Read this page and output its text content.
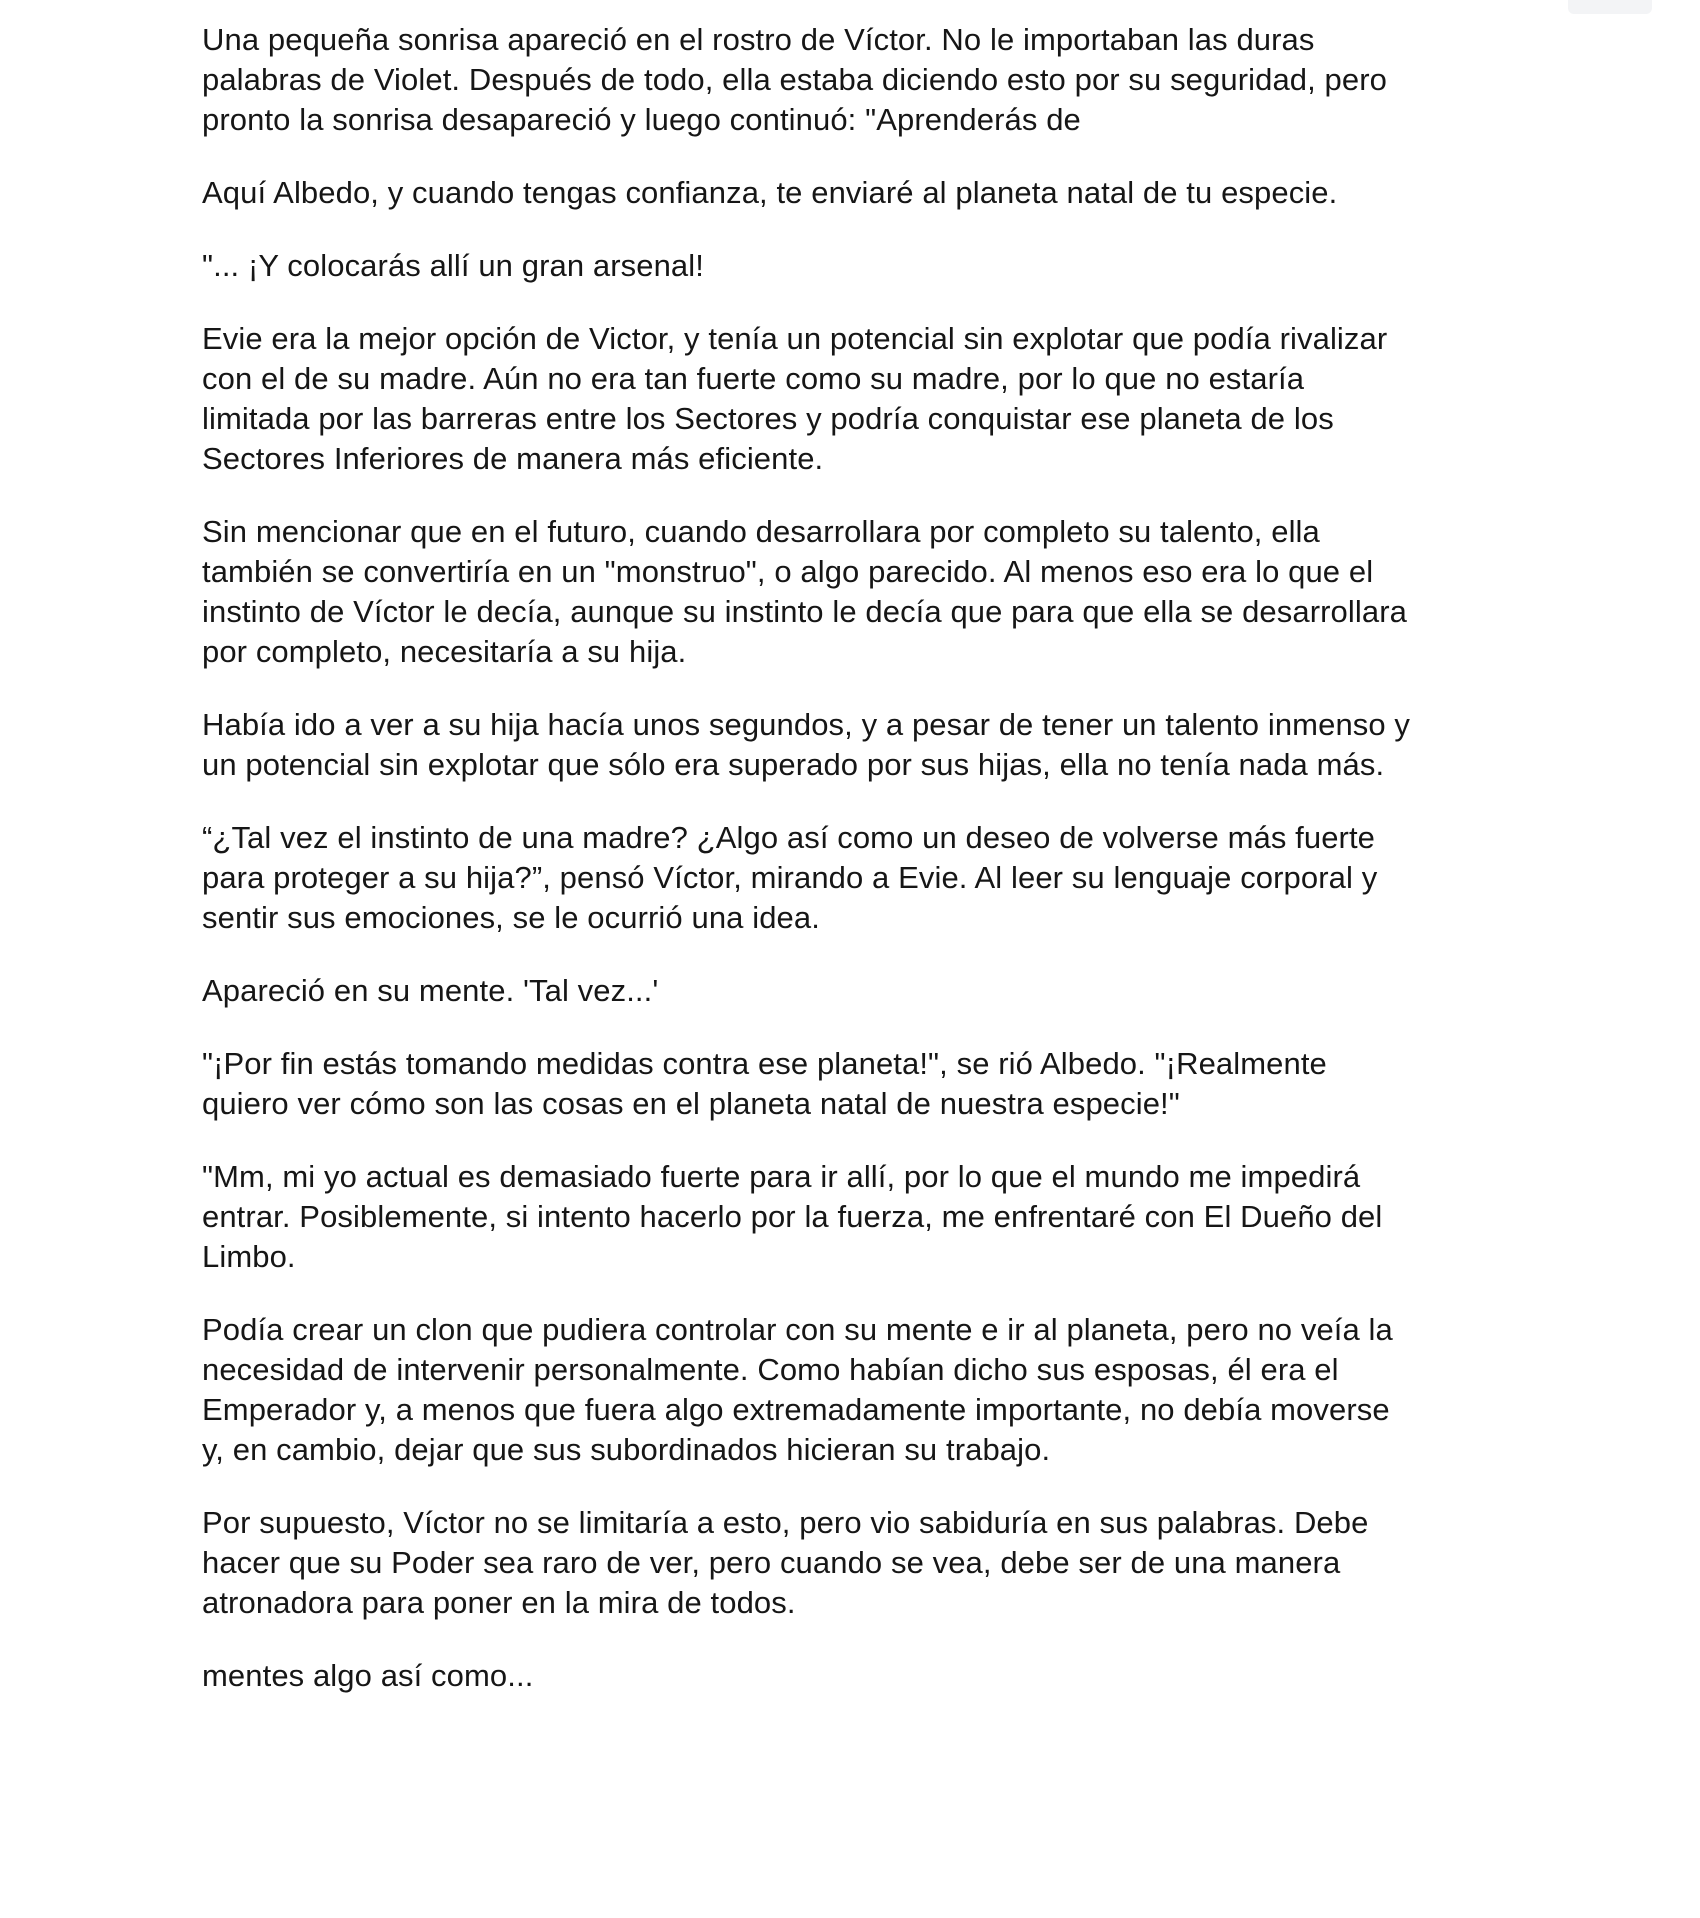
Una pequeña sonrisa apareció en el rostro de Víctor. No le importaban las duras
palabras de Violet. Después de todo, ella estaba diciendo esto por su seguridad, pero
pronto la sonrisa desapareció y luego continuó: "Aprenderás de

Aquí Albedo, y cuando tengas confianza, te enviaré al planeta natal de tu especie.

"... ¡Y colocarás allí un gran arsenal!

Evie era la mejor opción de Victor, y tenía un potencial sin explotar que podía rivalizar
con el de su madre. Aún no era tan fuerte como su madre, por lo que no estaría
limitada por las barreras entre los Sectores y podría conquistar ese planeta de los
Sectores Inferiores de manera más eficiente.

Sin mencionar que en el futuro, cuando desarrollara por completo su talento, ella
también se convertiría en un "monstruo", o algo parecido. Al menos eso era lo que el
instinto de Víctor le decía, aunque su instinto le decía que para que ella se desarrollara
por completo, necesitaría a su hija.

Había ido a ver a su hija hacía unos segundos, y a pesar de tener un talento inmenso y
un potencial sin explotar que sólo era superado por sus hijas, ella no tenía nada más.

“¿Tal vez el instinto de una madre? ¿Algo así como un deseo de volverse más fuerte
para proteger a su hija?”, pensó Víctor, mirando a Evie. Al leer su lenguaje corporal y
sentir sus emociones, se le ocurrió una idea.

Apareció en su mente. 'Tal vez...'

"¡Por fin estás tomando medidas contra ese planeta!", se rió Albedo. "¡Realmente
quiero ver cómo son las cosas en el planeta natal de nuestra especie!"

"Mm, mi yo actual es demasiado fuerte para ir allí, por lo que el mundo me impedirá
entrar. Posiblemente, si intento hacerlo por la fuerza, me enfrentaré con El Dueño del
Limbo.

Podía crear un clon que pudiera controlar con su mente e ir al planeta, pero no veía la
necesidad de intervenir personalmente. Como habían dicho sus esposas, él era el
Emperador y, a menos que fuera algo extremadamente importante, no debía moverse
y, en cambio, dejar que sus subordinados hicieran su trabajo.

Por supuesto, Víctor no se limitaría a esto, pero vio sabiduría en sus palabras. Debe
hacer que su Poder sea raro de ver, pero cuando se vea, debe ser de una manera
atronadora para poner en la mira de todos.

mentes algo así como...
